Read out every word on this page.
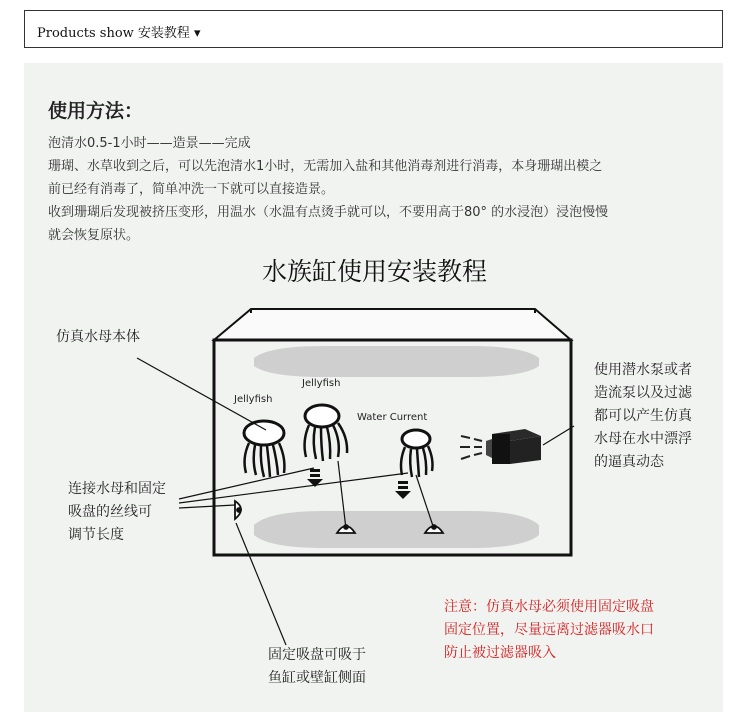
Products show 安装教程 ▾
使用方法：
泡清水0.5-1小时——造景——完成
珊瑚、水草收到之后，可以先泡清水1小时，无需加入盐和其他消毒剂进行消毒，本身珊瑚出模之
前已经有消毒了，简单冲洗一下就可以直接造景。
收到珊瑚后发现被挤压变形，用温水（水温有点烫手就可以，不要用高于80° 的水浸泡）浸泡慢慢
就会恢复原状。
水族缸使用安装教程
Jellyfish
Jellyfish
Water Current
仿真水母本体
连接水母和固定
吸盘的丝线可
调节长度
使用潜水泵或者
造流泵以及过滤
都可以产生仿真
水母在水中漂浮
的逼真动态
固定吸盘可吸于
鱼缸或壁缸侧面
注意：仿真水母必须使用固定吸盘
固定位置，尽量远离过滤器吸水口
防止被过滤器吸入
